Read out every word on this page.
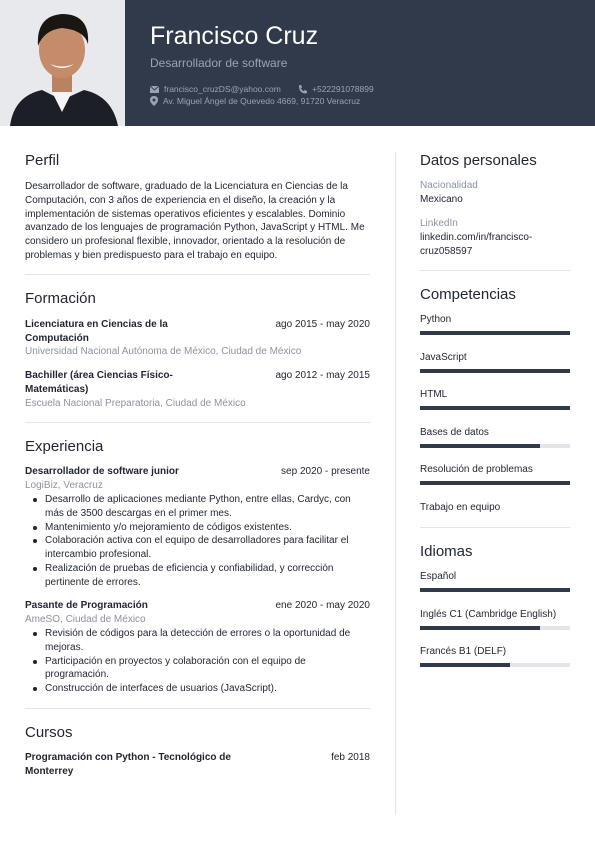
Francisco Cruz
Desarrollador de software
francisco_cruzDS@yahoo.com	+522291078899
Av. Miguel Ángel de Quevedo 4669, 91720 Veracruz
Perfil
Desarrollador de software, graduado de la Licenciatura en Ciencias de la Computación, con 3 años de experiencia en el diseño, la creación y la implementación de sistemas operativos eficientes y escalables. Dominio avanzado de los lenguajes de programación Python, JavaScript y HTML. Me considero un profesional flexible, innovador, orientado a la resolución de problemas y bien predispuesto para el trabajo en equipo.
Formación
Licenciatura en Ciencias de la Computación
ago 2015 - may 2020
Universidad Nacional Autónoma de México, Ciudad de México
Bachiller (área Ciencias Físico-Matemáticas)
ago 2012 - may 2015
Escuela Nacional Preparatoria, Ciudad de México
Experiencia
Desarrollador de software junior	sep 2020 - presente
LogiBiz, Veracruz
Desarrollo de aplicaciones mediante Python, entre ellas, Cardyc, con más de 3500 descargas en el primer mes.
Mantenimiento y/o mejoramiento de códigos existentes.
Colaboración activa con el equipo de desarrolladores para facilitar el intercambio profesional.
Realización de pruebas de eficiencia y confiabilidad, y corrección pertinente de errores.
Pasante de Programación	ene 2020 - may 2020
AmeSO, Ciudad de México
Revisión de códigos para la detección de errores o la oportunidad de mejoras.
Participación en proyectos y colaboración con el equipo de programación.
Construcción de interfaces de usuarios (JavaScript).
Cursos
Programación con Python - Tecnológico de Monterrey
feb 2018
Datos personales
Nacionalidad
Mexicano
LinkedIn
linkedin.com/in/francisco-cruz058597
Competencias
Python
JavaScript
HTML
Bases de datos
Resolución de problemas
Trabajo en equipo
Idiomas
Español
Inglés C1 (Cambridge English)
Francés B1 (DELF)
